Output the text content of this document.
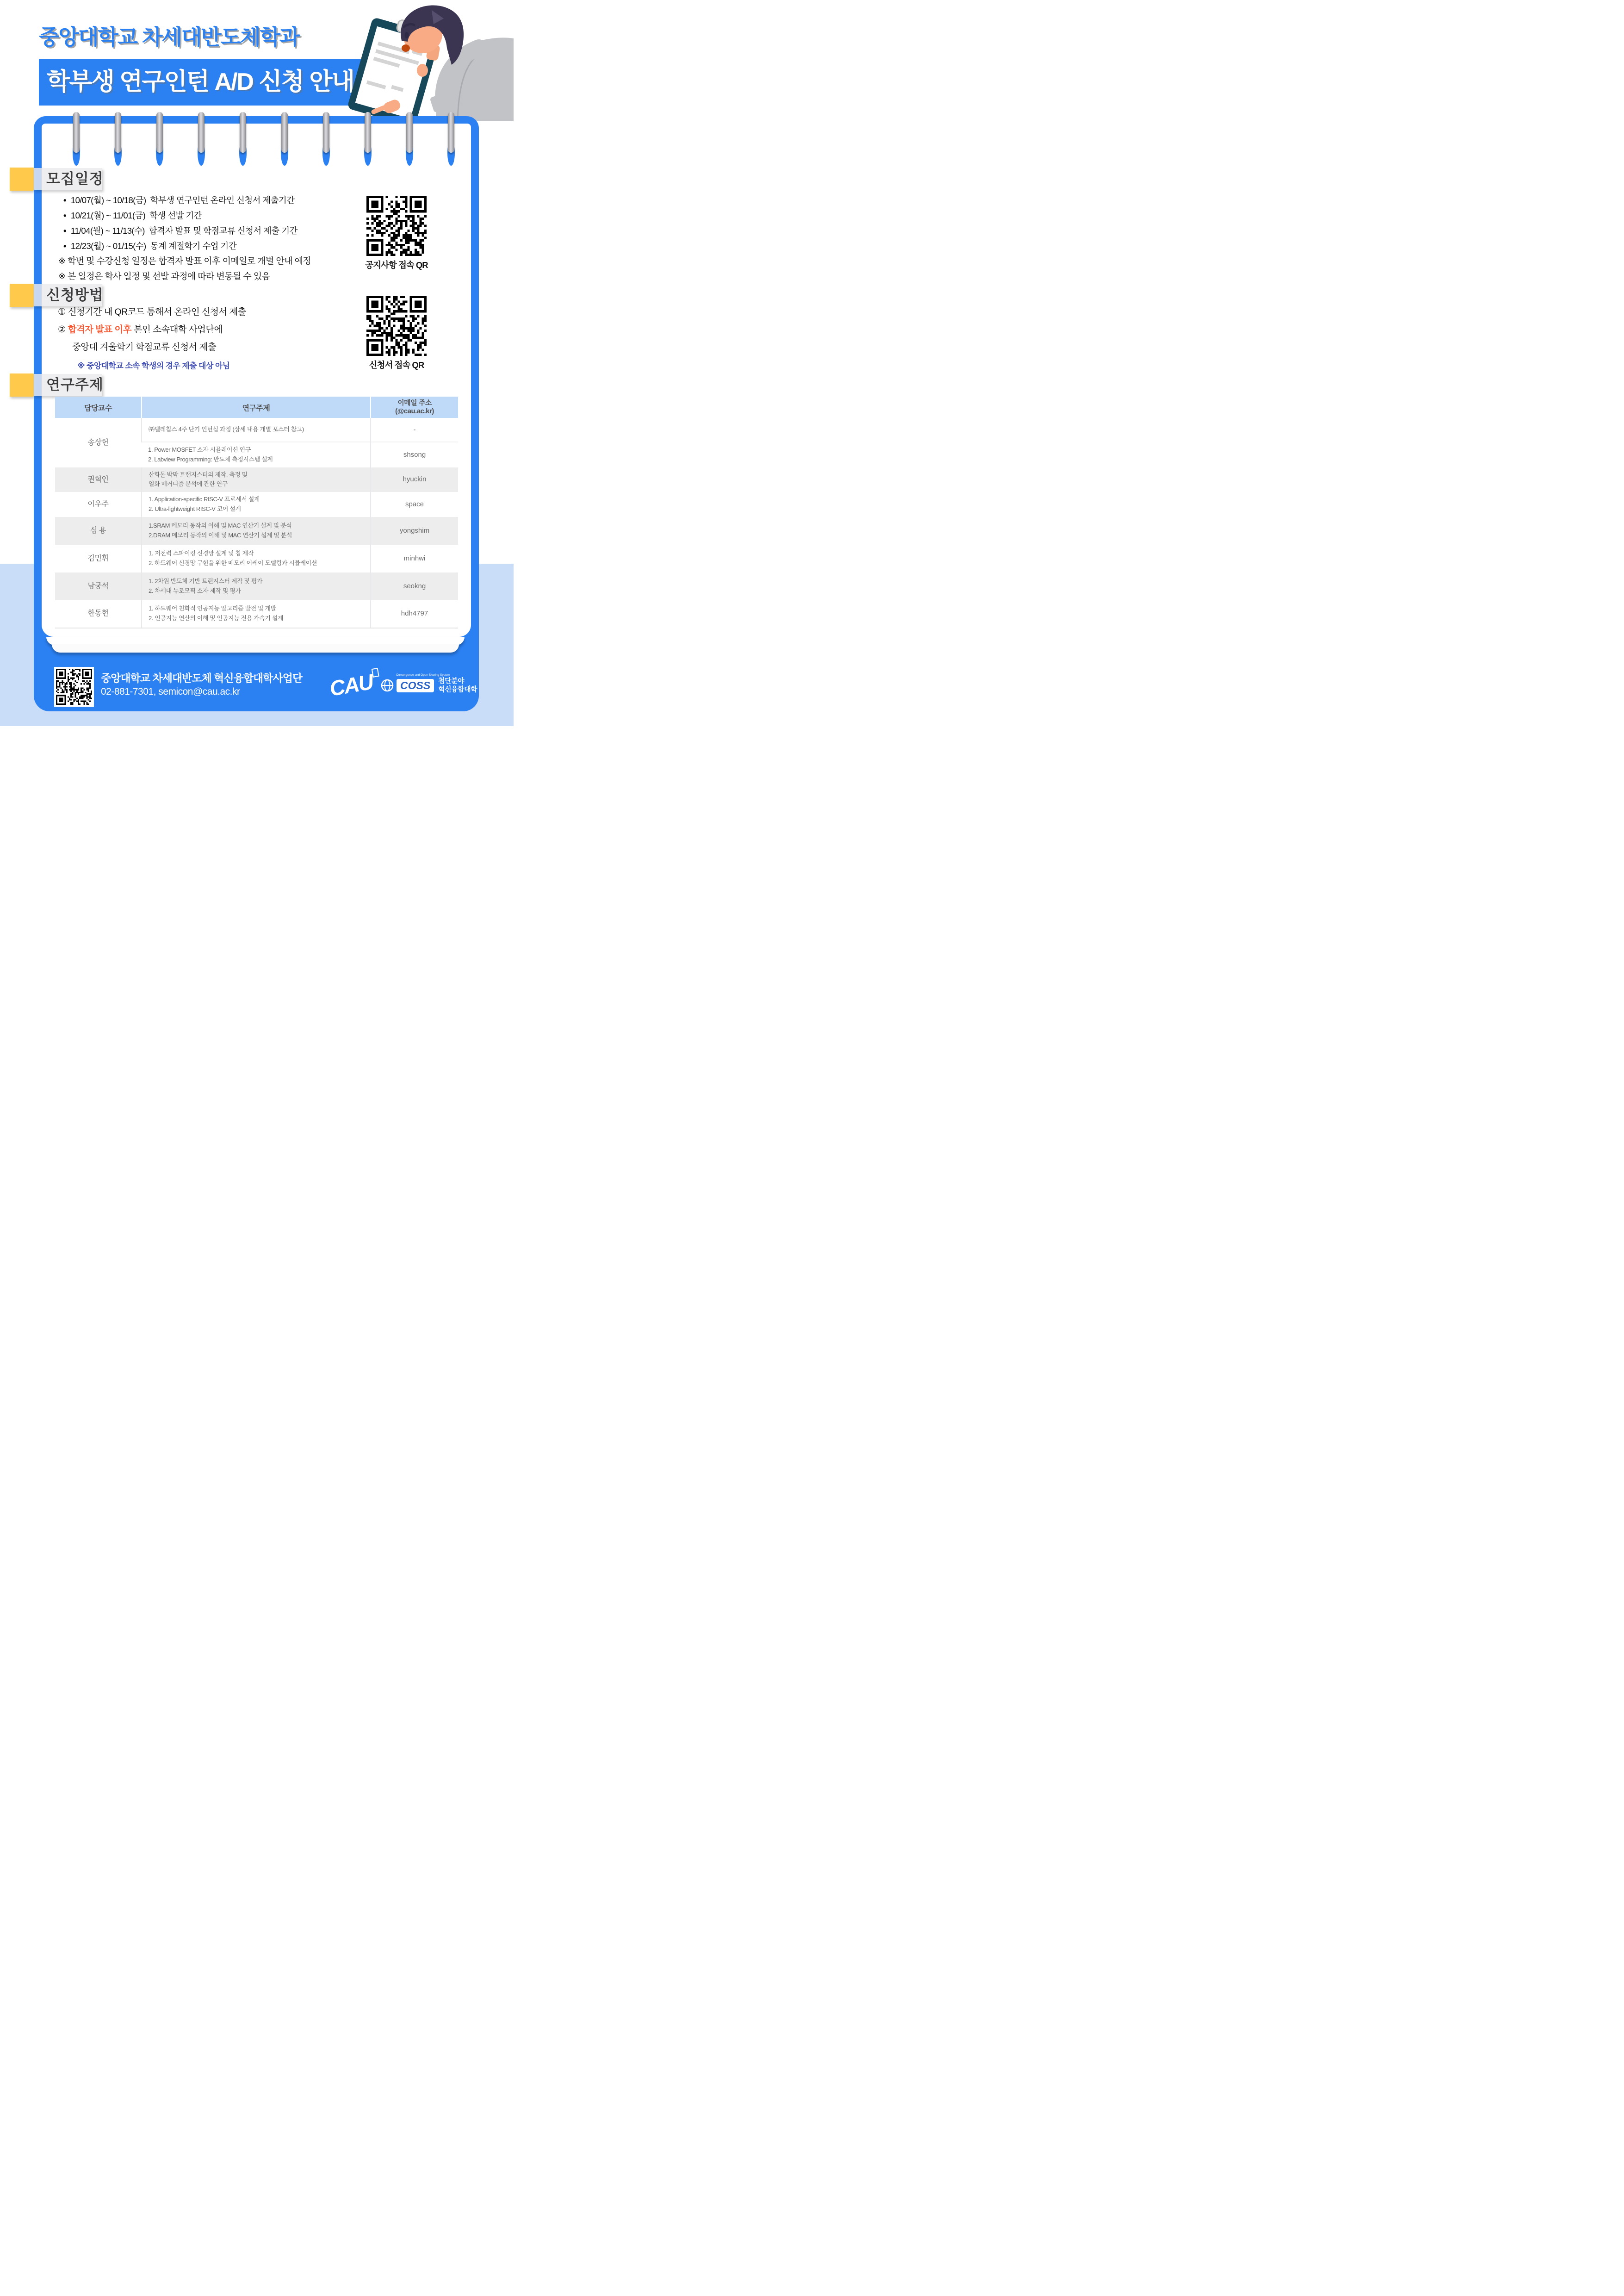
중앙대학교 차세대반도체학과
학부생 연구인턴 A/D 신청 안내
모집일정
• 10/07(월) ~ 10/18(금)  학부생 연구인턴 온라인 신청서 제출기간
• 10/21(월) ~ 11/01(금)  학생 선발 기간
• 11/04(월) ~ 11/13(수)  합격자 발표 및 학점교류 신청서 제출 기간
• 12/23(월) ~ 01/15(수)  동계 계절학기 수업 기간
※ 학번 및 수강신청 일정은 합격자 발표 이후 이메일로 개별 안내 예정
※ 본 일정은 학사 일정 및 선발 과정에 따라 변동될 수 있음
공지사항 접속 QR
신청방법
① 신청기간 내 QR코드 통해서 온라인 신청서 제출
② 합격자 발표 이후 본인 소속대학 사업단에
중앙대 겨울학기 학점교류 신청서 제출
※ 중앙대학교 소속 학생의 경우 제출 대상 아님	신청서 접속 QR
연구주제
담당교수	연구주제	이메일 주소
(@cau.ac.kr)

송상헌	㈜텔레칩스 4주 단기 인턴십 과정 (상세 내용 개별 포스터 참고)	-

	1. Power MOSFET 소자 시뮬레이션 연구
2. Labview Programming: 반도체 측정시스템 설계	shsong
권혁인	산화물 박막 트랜지스터의 제작, 측정 및
열화 메커니즘 분석에 관한 연구	hyuckin
이우주	1. Application-specific RISC-V 프로세서 설계
2. Ultra-lightweight RISC-V 코어 설계	space
심 용	1.SRAM 메모리 동작의 이해 및 MAC 연산기 설계 및 분석
2.DRAM 메모리 동작의 이해 및 MAC 연산기 설계 및 분석	yongshim
김민휘	1. 저전력 스파이킹 신경망 설계 및 칩 제작
2. 하드웨어 신경망 구현을 위한 메모리 어레이 모델링과 시뮬레이션	minhwi
남궁석	1. 2차원 반도체 기반 트랜지스터 제작 및 평가
2. 차세대 뉴로모픽 소자 제작 및 평가	seokng
한동현	1. 하드웨어 친화적 인공지능 알고리즘 발전 및 개발
2. 인공지능 연산의 이해 및 인공지능 전용 가속기 설계	hdh4797
중앙대학교 차세대반도체 혁신융합대학사업단
02-881-7301, semicon@cau.ac.kr	CAU	Convergence and Open Sharing System
COSS	첨단분야
혁신융합대학
